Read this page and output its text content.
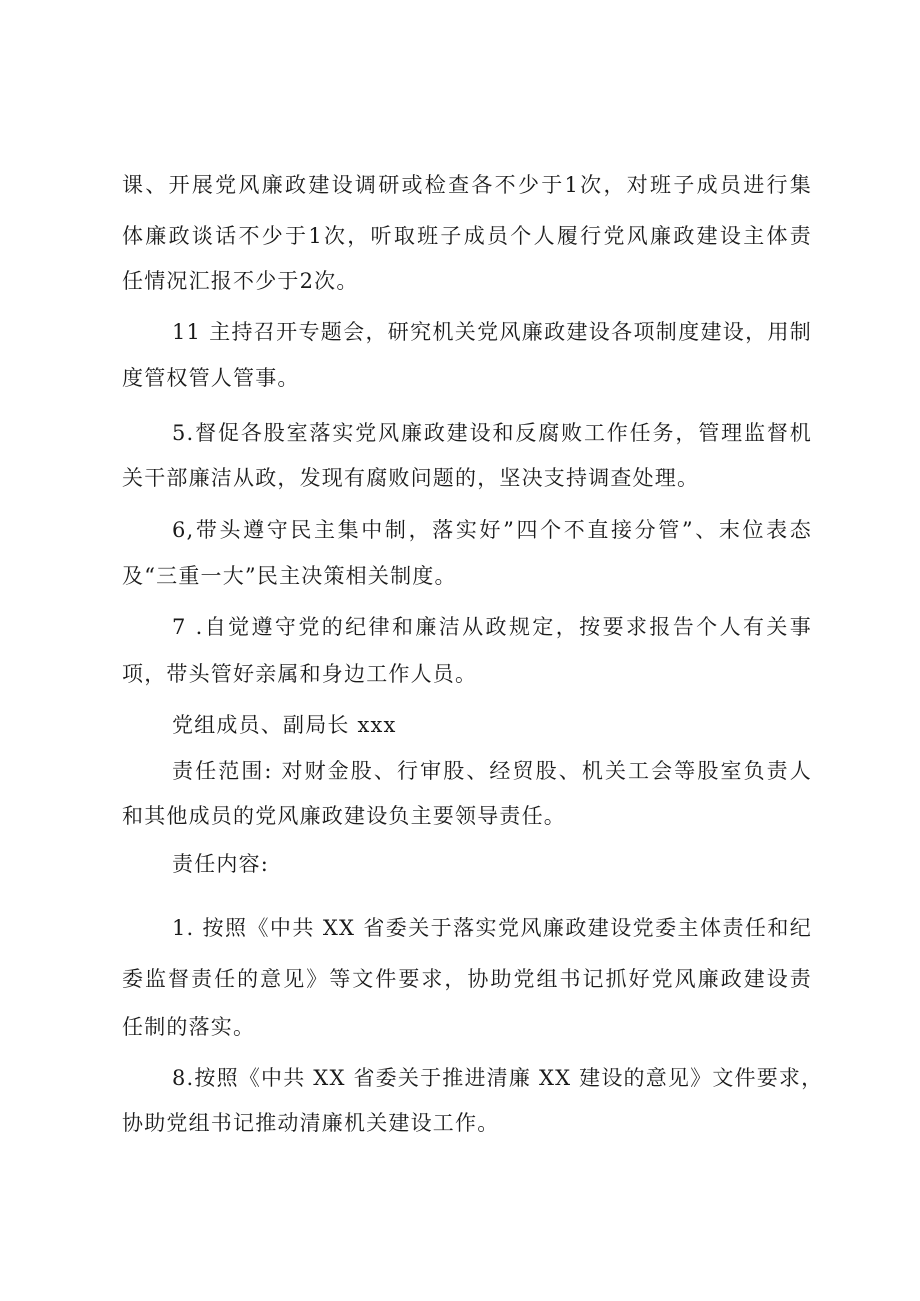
课、开展党风廉政建设调研或检查各不少于1次，对班子成员进行集
体廉政谈话不少于1次，听取班子成员个人履行党风廉政建设主体责
任情况汇报不少于2次。
11 主持召开专题会，研究机关党风廉政建设各项制度建设，用制
度管权管人管事。
5.督促各股室落实党风廉政建设和反腐败工作任务，管理监督机
关干部廉洁从政，发现有腐败问题的，坚决支持调查处理。
6,带头遵守民主集中制，落实好”四个不直接分管”、末位表态
及“三重一大”民主决策相关制度。
7 .自觉遵守党的纪律和廉洁从政规定，按要求报告个人有关事
项，带头管好亲属和身边工作人员。
党组成员、副局长 xxx
责任范围: 对财金股、行审股、经贸股、机关工会等股室负责人
和其他成员的党风廉政建设负主要领导责任。
责任内容:
1. 按照《中共 XX 省委关于落实党风廉政建设党委主体责任和纪
委监督责任的意见》等文件要求，协助党组书记抓好党风廉政建设责
任制的落实。
8.按照《中共 XX 省委关于推进清廉 XX 建设的意见》文件要求，
协助党组书记推动清廉机关建设工作。
